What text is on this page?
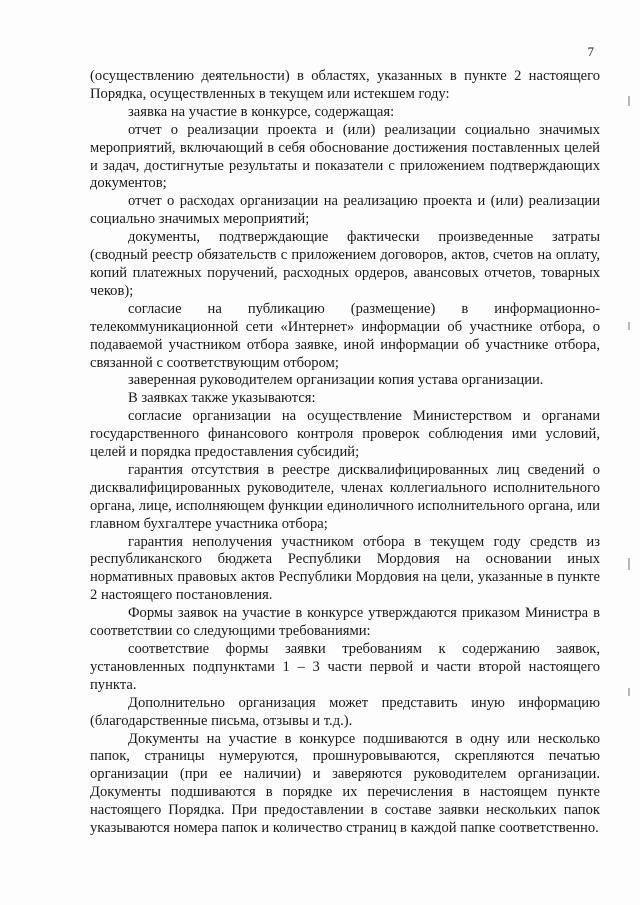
7

(осуществлению деятельности) в областях, указанных в пункте 2 настоящего Порядка, осуществленных в текущем или истекшем году:

заявка на участие в конкурсе, содержащая:

отчет о реализации проекта и (или) реализации социально значимых мероприятий, включающий в себя обоснование достижения поставленных целей и задач, достигнутые результаты и показатели с приложением подтверждающих документов;

отчет о расходах организации на реализацию проекта и (или) реализации социально значимых мероприятий;

документы, подтверждающие фактически произведенные затраты (сводный реестр обязательств с приложением договоров, актов, счетов на оплату, копий платежных поручений, расходных ордеров, авансовых отчетов, товарных чеков);

согласие на публикацию (размещение) в информационно-телекоммуникационной сети «Интернет» информации об участнике отбора, о подаваемой участником отбора заявке, иной информации об участнике отбора, связанной с соответствующим отбором;

заверенная руководителем организации копия устава организации.

В заявках также указываются:

согласие организации на осуществление Министерством и органами государственного финансового контроля проверок соблюдения ими условий, целей и порядка предоставления субсидий;

гарантия отсутствия в реестре дисквалифицированных лиц сведений о дисквалифицированных руководителе, членах коллегиального исполнительного органа, лице, исполняющем функции единоличного исполнительного органа, или главном бухгалтере участника отбора;

гарантия неполучения участником отбора в текущем году средств из республиканского бюджета Республики Мордовия на основании иных нормативных правовых актов Республики Мордовия на цели, указанные в пункте 2 настоящего постановления.

Формы заявок на участие в конкурсе утверждаются приказом Министра в соответствии со следующими требованиями:

соответствие формы заявки требованиям к содержанию заявок, установленных подпунктами 1 – 3 части первой и части второй настоящего пункта.

Дополнительно организация может представить иную информацию (благодарственные письма, отзывы и т.д.).

Документы на участие в конкурсе подшиваются в одну или несколько папок, страницы нумеруются, прошнуровываются, скрепляются печатью организации (при ее наличии) и заверяются руководителем организации. Документы подшиваются в порядке их перечисления в настоящем пункте настоящего Порядка. При предоставлении в составе заявки нескольких папок указываются номера папок и количество страниц в каждой папке соответственно.
